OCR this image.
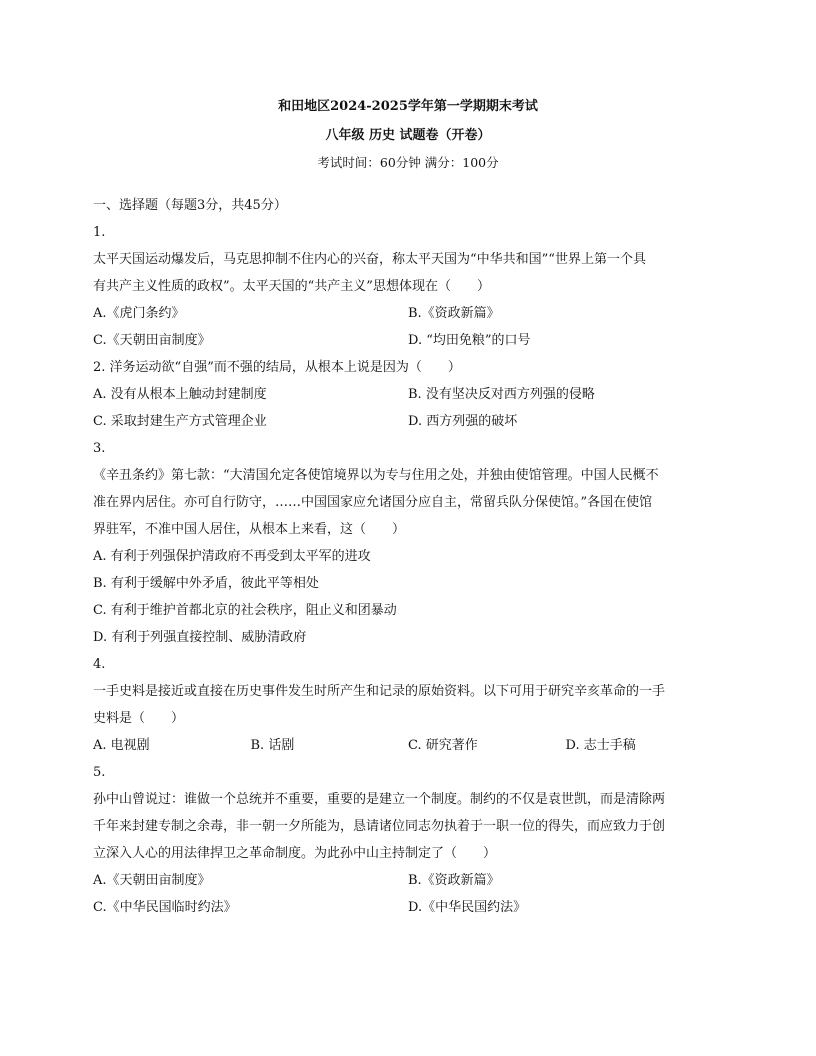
和田地区2024-2025学年第一学期期末考试
八年级 历史 试题卷（开卷）
考试时间：60分钟 满分：100分
一、选择题（每题3分，共45分）
1.
太平天国运动爆发后，马克思抑制不住内心的兴奋，称太平天国为“中华共和国”“世界上第一个具
有共产主义性质的政权”。太平天国的“共产主义”思想体现在（　　）
A.《虎门条约》	B.《资政新篇》
C.《天朝田亩制度》	D. “均田免粮”的口号
2. 洋务运动欲“自强”而不强的结局，从根本上说是因为（　　）
A. 没有从根本上触动封建制度	B. 没有坚决反对西方列强的侵略
C. 采取封建生产方式管理企业	D. 西方列强的破坏
3.
《辛丑条约》第七款：“大清国允定各使馆境界以为专与住用之处，并独由使馆管理。中国人民概不
准在界内居住。亦可自行防守，……中国国家应允诸国分应自主，常留兵队分保使馆。”各国在使馆
界驻军，不准中国人居住，从根本上来看，这（　　）
A. 有利于列强保护清政府不再受到太平军的进攻
B. 有利于缓解中外矛盾，彼此平等相处
C. 有利于维护首都北京的社会秩序，阻止义和团暴动
D. 有利于列强直接控制、威胁清政府
4.
一手史料是接近或直接在历史事件发生时所产生和记录的原始资料。以下可用于研究辛亥革命的一手
史料是（　　）
A. 电视剧	B. 话剧	C. 研究著作	D. 志士手稿
5.
孙中山曾说过：谁做一个总统并不重要，重要的是建立一个制度。制约的不仅是袁世凯，而是清除两
千年来封建专制之余毒，非一朝一夕所能为，恳请诸位同志勿执着于一职一位的得失，而应致力于创
立深入人心的用法律捍卫之革命制度。为此孙中山主持制定了（　　）
A.《天朝田亩制度》	B.《资政新篇》
C.《中华民国临时约法》	D.《中华民国约法》
